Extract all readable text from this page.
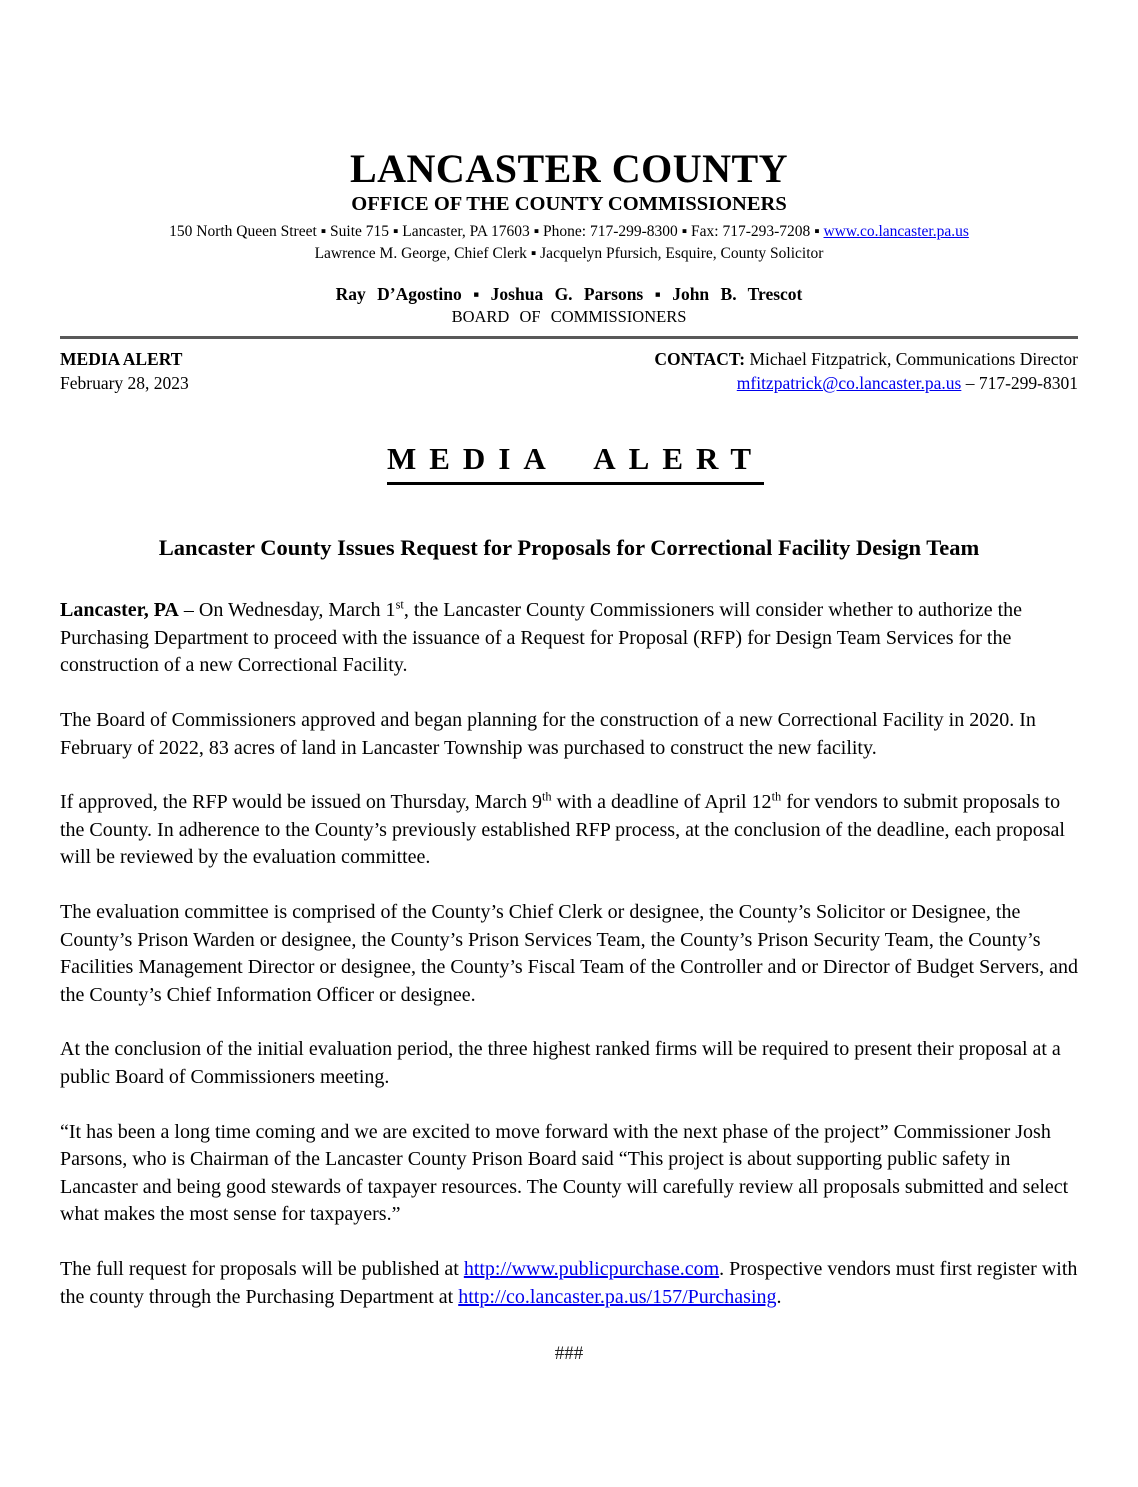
LANCASTER COUNTY
OFFICE OF THE COUNTY COMMISSIONERS
150 North Queen Street ▪ Suite 715 ▪ Lancaster, PA 17603 ▪ Phone: 717-299-8300 ▪ Fax: 717-293-7208 ▪ www.co.lancaster.pa.us
Lawrence M. George, Chief Clerk ▪ Jacquelyn Pfursich, Esquire, County Solicitor
Ray D’Agostino ▪ Joshua G. Parsons ▪ John B. Trescot
BOARD OF COMMISSIONERS
MEDIA ALERT
February 28, 2023
CONTACT: Michael Fitzpatrick, Communications Director
mfitzpatrick@co.lancaster.pa.us – 717-299-8301
MEDIA ALERT
Lancaster County Issues Request for Proposals for Correctional Facility Design Team

Lancaster, PA – On Wednesday, March 1st, the Lancaster County Commissioners will consider whether to authorize the Purchasing Department to proceed with the issuance of a Request for Proposal (RFP) for Design Team Services for the construction of a new Correctional Facility.

The Board of Commissioners approved and began planning for the construction of a new Correctional Facility in 2020. In February of 2022, 83 acres of land in Lancaster Township was purchased to construct the new facility.

If approved, the RFP would be issued on Thursday, March 9th with a deadline of April 12th for vendors to submit proposals to the County. In adherence to the County’s previously established RFP process, at the conclusion of the deadline, each proposal will be reviewed by the evaluation committee.

The evaluation committee is comprised of the County’s Chief Clerk or designee, the County’s Solicitor or Designee, the County’s Prison Warden or designee, the County’s Prison Services Team, the County’s Prison Security Team, the County’s Facilities Management Director or designee, the County’s Fiscal Team of the Controller and or Director of Budget Servers, and the County’s Chief Information Officer or designee.

At the conclusion of the initial evaluation period, the three highest ranked firms will be required to present their proposal at a public Board of Commissioners meeting.

“It has been a long time coming and we are excited to move forward with the next phase of the project” Commissioner Josh Parsons, who is Chairman of the Lancaster County Prison Board said “This project is about supporting public safety in Lancaster and being good stewards of taxpayer resources. The County will carefully review all proposals submitted and select what makes the most sense for taxpayers.”

The full request for proposals will be published at http://www.publicpurchase.com. Prospective vendors must first register with the county through the Purchasing Department at http://co.lancaster.pa.us/157/Purchasing.

###
